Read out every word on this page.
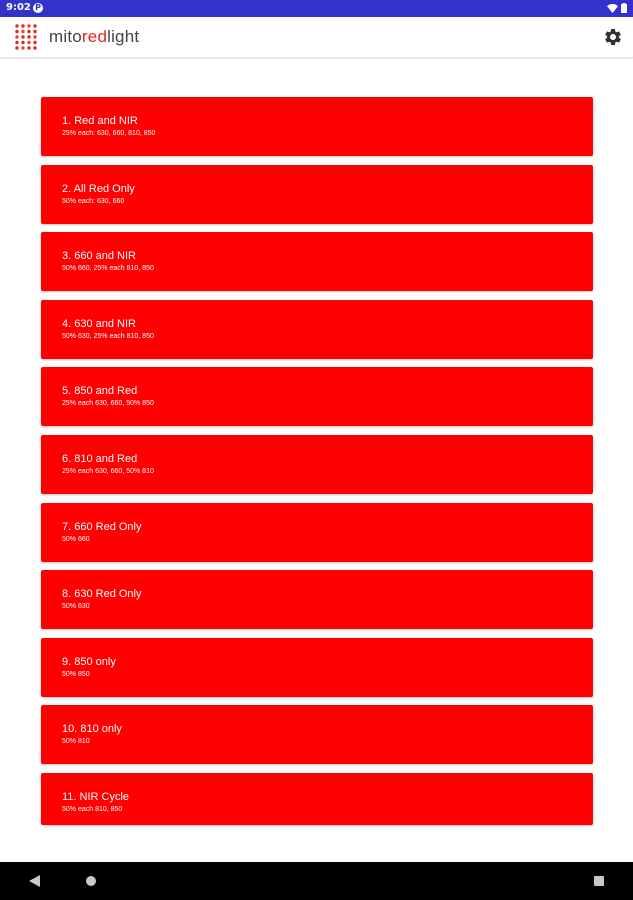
9:02 P
mitoredlight
1. Red and NIR
25% each: 630, 660, 810, 850
2. All Red Only
50% each: 630, 660
3. 660 and NIR
50% 660, 25% each 810, 850
4. 630 and NIR
50% 630, 25% each 810, 850
5. 850 and Red
25% each 630, 660, 50% 850
6. 810 and Red
25% each 630, 660, 50% 810
7. 660 Red Only
50% 660
8. 630 Red Only
50% 630
9. 850 only
50% 850
10. 810 only
50% 810
11. NIR Cycle
50% each 810, 850
